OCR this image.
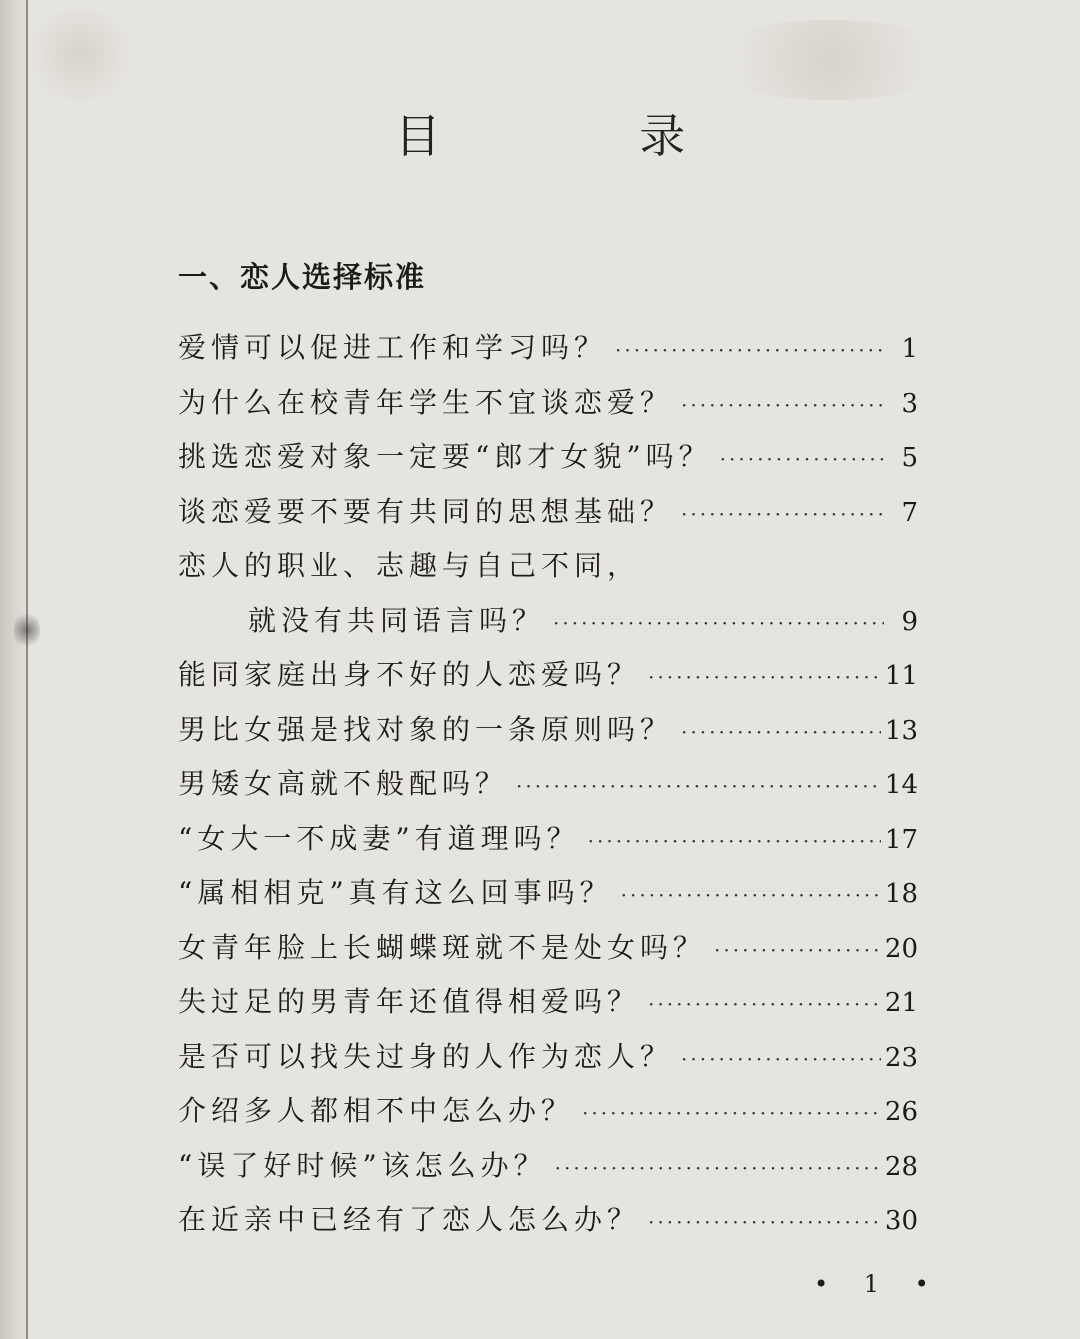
目 录
一、恋人选择标准
爱情可以促进工作和学习吗？ ·····	1
为什么在校青年学生不宜谈恋爱？ ·····	3
挑选恋爱对象一定要“郎才女貌”吗？ ·····	5
谈恋爱要不要有共同的思想基础？ ·····	7
恋人的职业、志趣与自己不同，
就没有共同语言吗？ ·····	9
能同家庭出身不好的人恋爱吗？ ·····	11
男比女强是找对象的一条原则吗？ ·····	13
男矮女高就不般配吗？ ·····	14
“女大一不成妻”有道理吗？ ·····	17
“属相相克”真有这么回事吗？ ·····	18
女青年脸上长蝴蝶斑就不是处女吗？ ·····	20
失过足的男青年还值得相爱吗？ ·····	21
是否可以找失过身的人作为恋人？ ·····	23
介绍多人都相不中怎么办？ ·····	26
“误了好时候”该怎么办？ ·····	28
在近亲中已经有了恋人怎么办？ ·····	30
• 1 •
